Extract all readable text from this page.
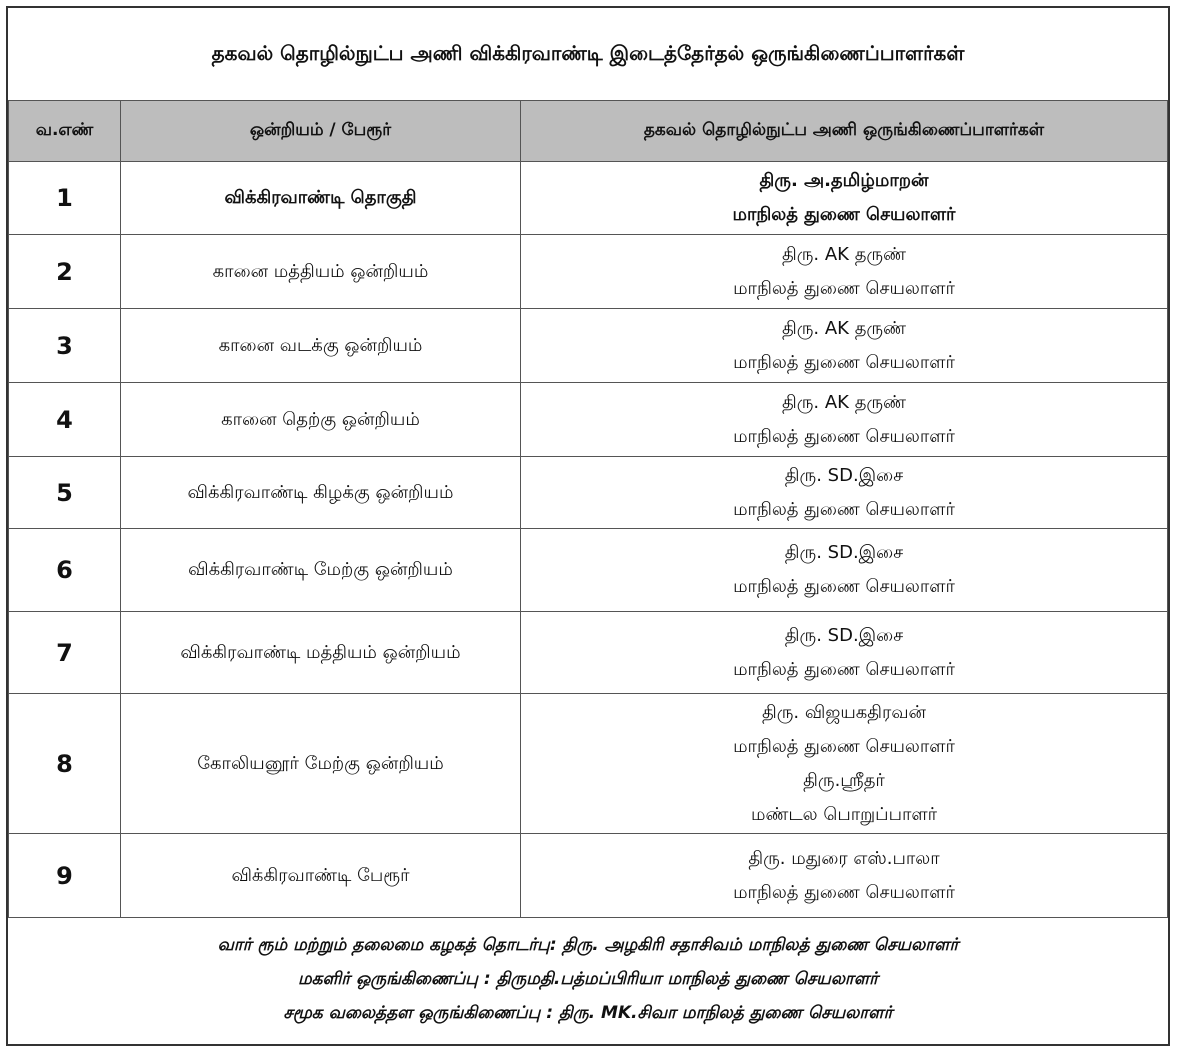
தகவல் தொழில்நுட்ப அணி விக்கிரவாண்டி இடைத்தேர்தல் ஒருங்கிணைப்பாளர்கள்
வ.எண்	ஒன்றியம் / பேரூர்	தகவல் தொழில்நுட்ப அணி ஒருங்கிணைப்பாளர்கள்
1	விக்கிரவாண்டி தொகுதி	திரு. அ.தமிழ்மாறன்
மாநிலத் துணை செயலாளர்

2	கானை மத்தியம் ஒன்றியம்	திரு. AK தருண்
மாநிலத் துணை செயலாளர்

3	கானை வடக்கு ஒன்றியம்	திரு. AK தருண்
மாநிலத் துணை செயலாளர்

4	கானை தெற்கு ஒன்றியம்	திரு. AK தருண்
மாநிலத் துணை செயலாளர்

5	விக்கிரவாண்டி கிழக்கு ஒன்றியம்	திரு. SD.இசை
மாநிலத் துணை செயலாளர்

6	விக்கிரவாண்டி மேற்கு ஒன்றியம்	திரு. SD.இசை
மாநிலத் துணை செயலாளர்

7	விக்கிரவாண்டி மத்தியம் ஒன்றியம்	திரு. SD.இசை
மாநிலத் துணை செயலாளர்

8	கோலியனூர் மேற்கு ஒன்றியம்	திரு. விஜயகதிரவன்
மாநிலத் துணை செயலாளர்
திரு.ஸ்ரீதர்
மண்டல பொறுப்பாளர்

9	விக்கிரவாண்டி பேரூர்	திரு. மதுரை எஸ்.பாலா
மாநிலத் துணை செயலாளர்
வார் ரூம் மற்றும் தலைமை கழகத் தொடர்பு: திரு. அழகிரி சதாசிவம் மாநிலத் துணை செயலாளர்
மகளிர் ஒருங்கிணைப்பு : திருமதி.பத்மப்பிரியா மாநிலத் துணை செயலாளர்
சமூக வலைத்தள ஒருங்கிணைப்பு : திரு. MK.சிவா மாநிலத் துணை செயலாளர்
